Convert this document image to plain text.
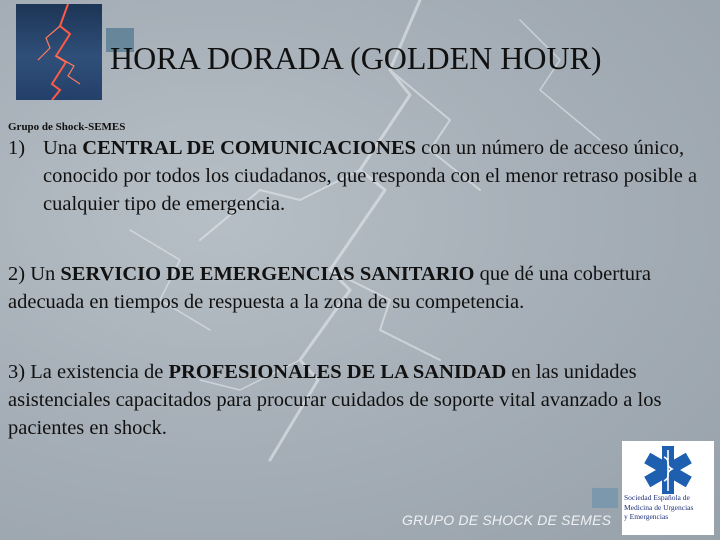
HORA DORADA (GOLDEN HOUR)
Grupo de Shock-SEMES

1) Una CENTRAL DE COMUNICACIONES con un número de acceso único, conocido por todos los ciudadanos, que responda con el menor retraso posible a cualquier tipo de emergencia.

2) Un SERVICIO DE EMERGENCIAS SANITARIO que dé una cobertura adecuada en tiempos de respuesta a la zona de su competencia.

3) La existencia de PROFESIONALES DE LA SANIDAD en las unidades asistenciales capacitados para procurar cuidados de soporte vital avanzado a los pacientes en shock.

GRUPO DE SHOCK DE SEMES
Sociedad Española de
Medicina de Urgencias
y Emergencias
